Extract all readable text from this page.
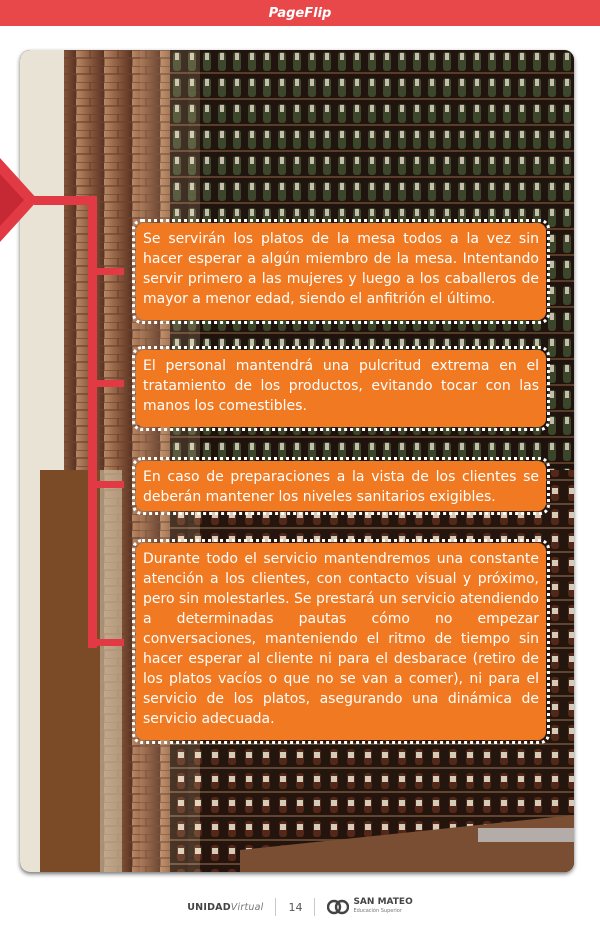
PageFlip
Se servirán los platos de la mesa todos a la vez sin hacer esperar a algún miembro de la mesa. Intentando servir primero a las mujeres y luego a los caballeros de mayor a menor edad, siendo el anfitrión el último.
El personal mantendrá una pulcritud extrema en el tratamiento de los productos, evitando tocar con las manos los comestibles.
En caso de preparaciones a la vista de los clientes se deberán mantener los niveles sanitarios exigibles.
Durante todo el servicio mantendremos una constante atención a los clientes, con contacto visual y próximo, pero sin molestarles. Se prestará un servicio atendiendo a determinadas pautas cómo no empezar conversaciones, manteniendo el ritmo de tiempo sin hacer esperar al cliente ni para el desbarace (retiro de los platos vacíos o que no se van a comer), ni para el servicio de los platos, asegurando una dinámica de servicio adecuada.
UNIDADVirtual 14	SAN MATEO
Educación Superior
